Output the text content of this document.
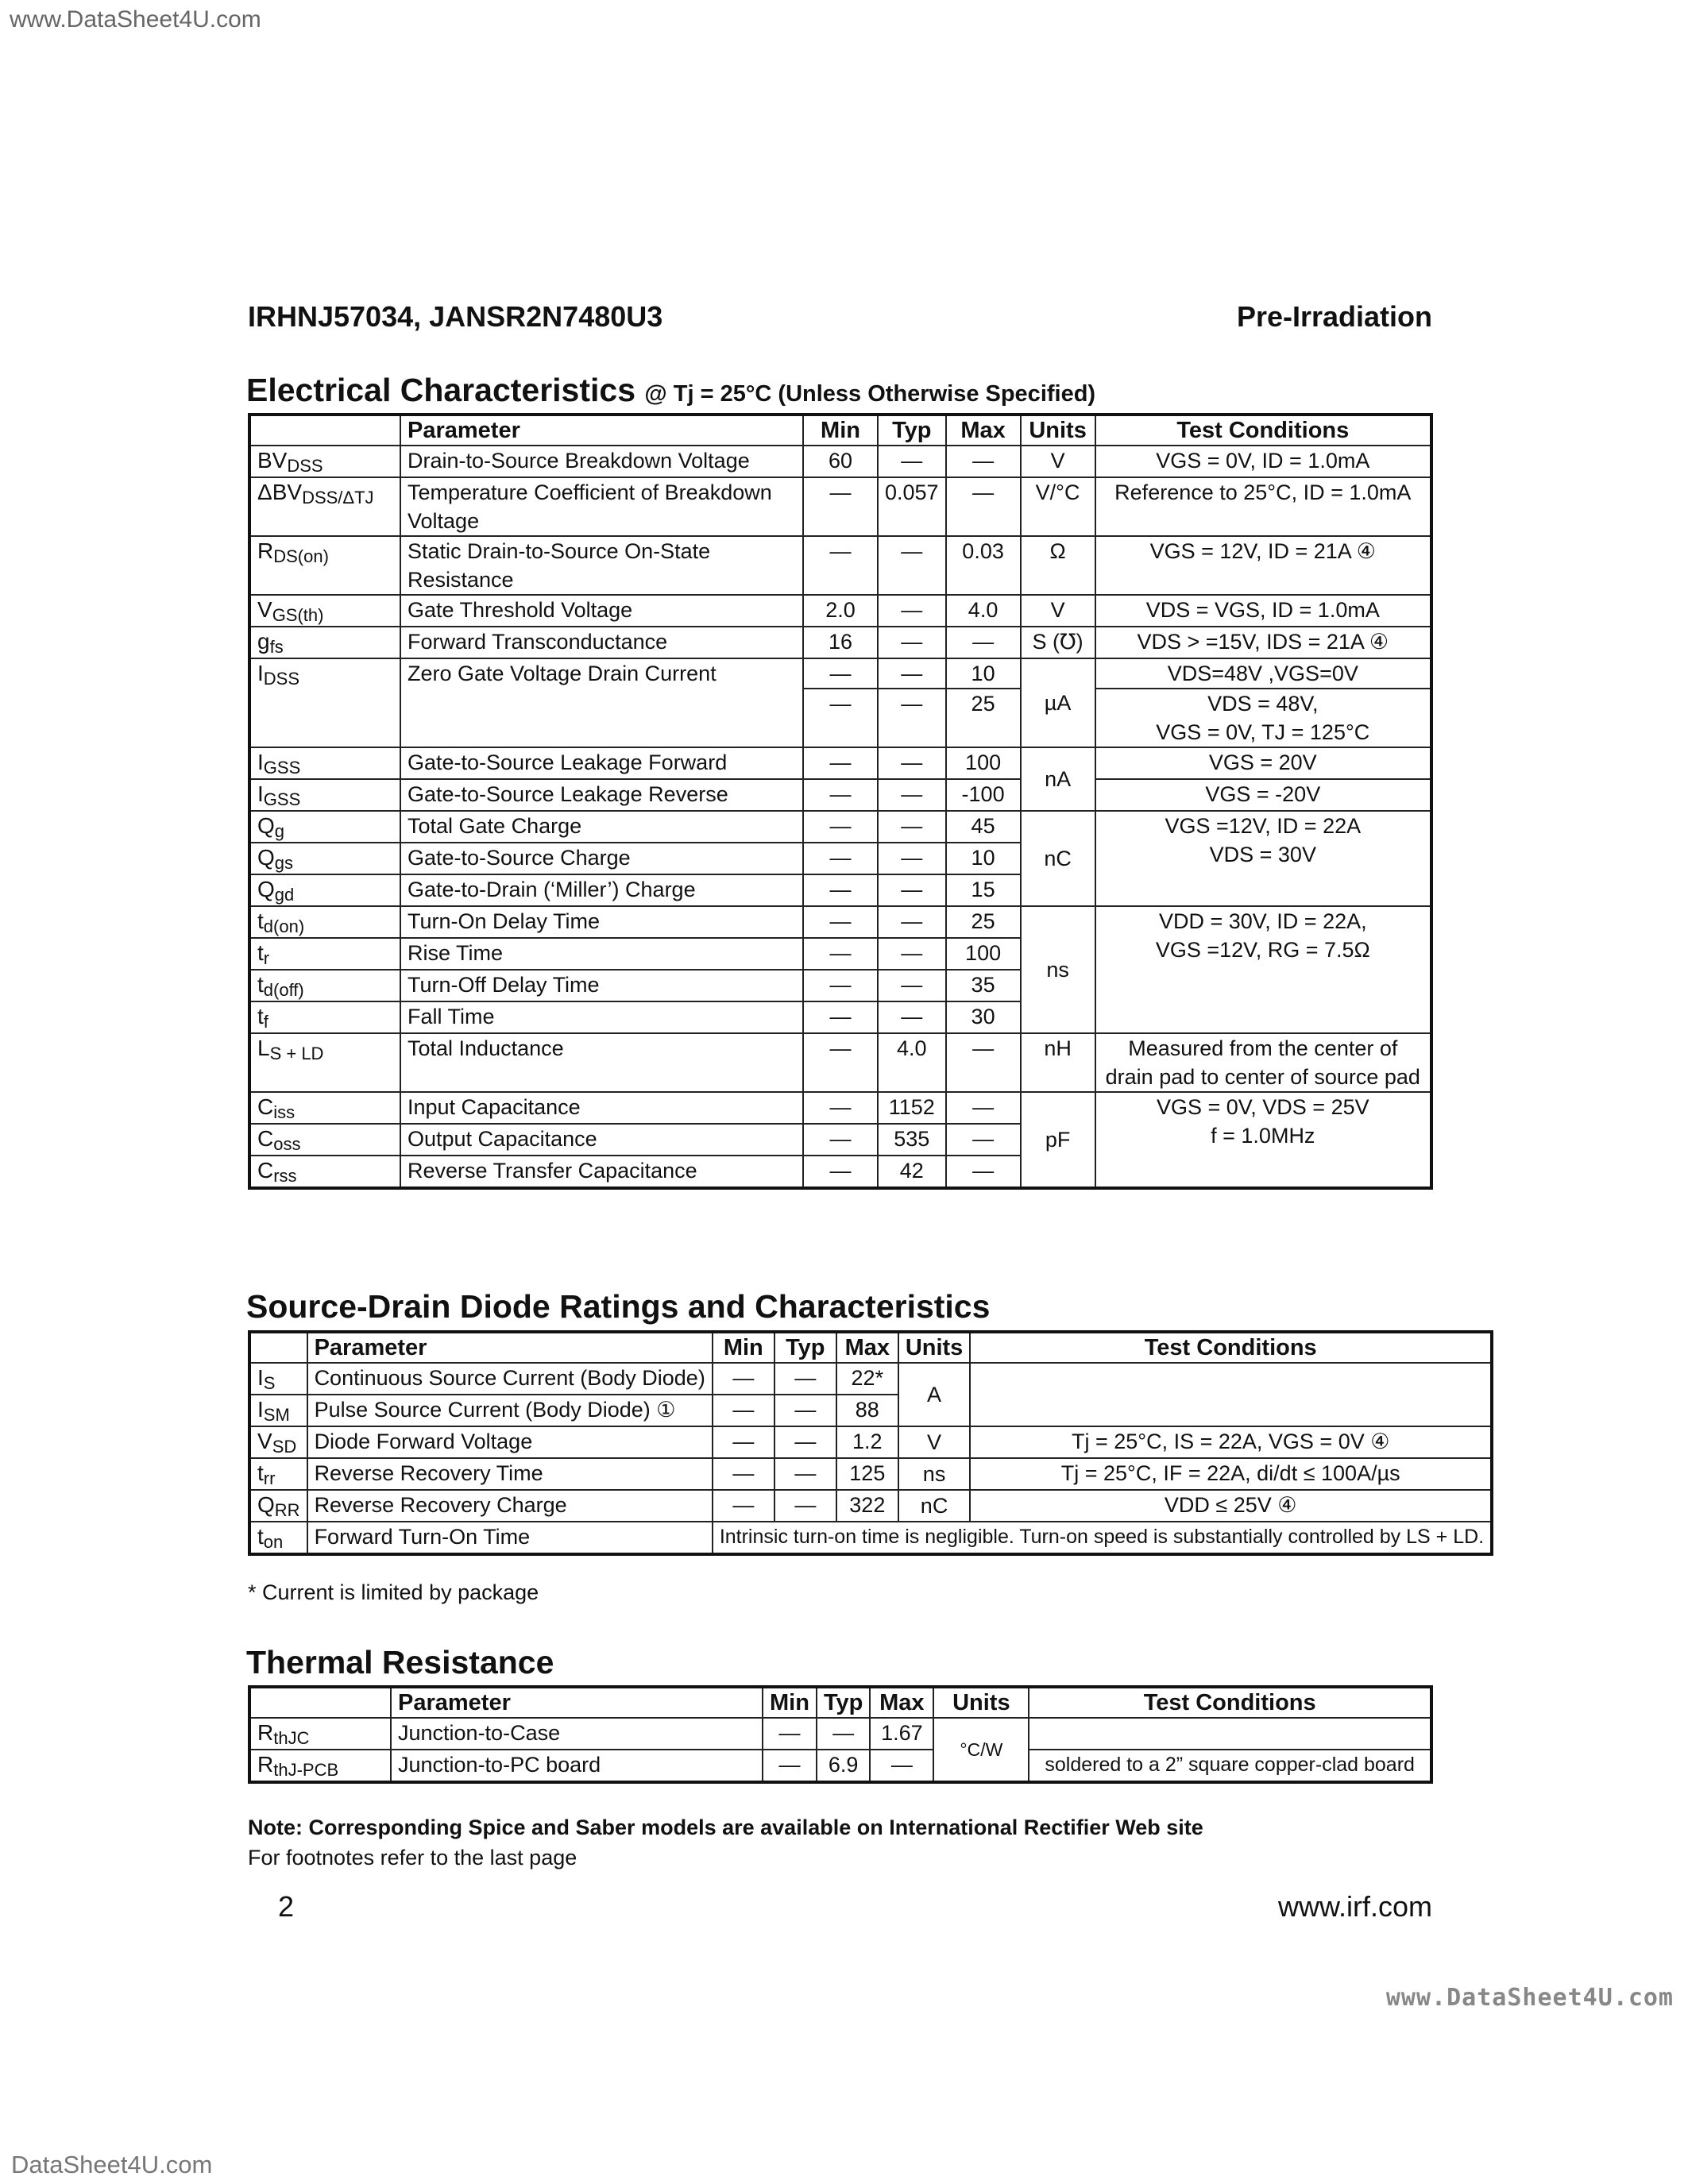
www.DataSheet4U.com
IRHNJ57034, JANSR2N7480U3	Pre-Irradiation
Electrical Characteristics @ Tj = 25°C (Unless Otherwise Specified)
	Parameter	Min	Typ	Max	Units	Test Conditions
BVDSS	Drain-to-Source Breakdown Voltage	60	—	—	V	VGS = 0V, ID = 1.0mA

ΔBVDSS/ΔTJ	Temperature Coefficient of Breakdown Voltage	—	0.057	—	V/°C	Reference to 25°C, ID = 1.0mA

RDS(on)	Static Drain-to-Source On-State Resistance	—	—	0.03	Ω	VGS = 12V, ID = 21A ④

VGS(th)	Gate Threshold Voltage	2.0	—	4.0	V	VDS = VGS, ID = 1.0mA

gfs	Forward Transconductance	16	—	—	S (℧)	VDS > =15V, IDS = 21A ④

IDSS	Zero Gate Voltage Drain Current	—	—	10	µA	VDS=48V ,VGS=0V

		—	—	25		VDS = 48V,
VGS = 0V, TJ = 125°C

IGSS	Gate-to-Source Leakage Forward	—	—	100	nA	VGS = 20V

IGSS	Gate-to-Source Leakage Reverse	—	—	-100		VGS = -20V

Qg	Total Gate Charge	—	—	45	nC	VGS =12V, ID = 22A
VDS = 30V

Qgs	Gate-to-Source Charge	—	—	10		
Qgd	Gate-to-Drain (‘Miller’) Charge	—	—	15		
td(on)	Turn-On Delay Time	—	—	25	ns	VDD = 30V, ID = 22A,
VGS =12V, RG = 7.5Ω

tr	Rise Time	—	—	100		
td(off)	Turn-Off Delay Time	—	—	35		
tf	Fall Time	—	—	30		
LS + LD	Total Inductance	—	4.0	—	nH	Measured from the center of
drain pad to center of source pad

Ciss	Input Capacitance	—	1152	—	pF	VGS = 0V, VDS = 25V
f = 1.0MHz

Coss	Output Capacitance	—	535	—		
Crss	Reverse Transfer Capacitance	—	42	—		
Source-Drain Diode Ratings and Characteristics
	Parameter	Min	Typ	Max	Units	Test Conditions
IS	Continuous Source Current (Body Diode)	—	—	22*	A	

ISM	Pulse Source Current (Body Diode) ①	—	—	88		
VSD	Diode Forward Voltage	—	—	1.2	V	Tj = 25°C, IS = 22A, VGS = 0V ④

trr	Reverse Recovery Time	—	—	125	ns	Tj = 25°C, IF = 22A, di/dt ≤ 100A/µs

QRR	Reverse Recovery Charge	—	—	322	nC	VDD ≤ 25V ④

ton	Forward Turn-On Time	Intrinsic turn-on time is negligible. Turn-on speed is substantially controlled by LS + LD.				
* Current is limited by package
Thermal Resistance
	Parameter	Min	Typ	Max	Units	Test Conditions
RthJC	Junction-to-Case	—	—	1.67	°C/W	

RthJ-PCB	Junction-to-PC board	—	6.9	—		soldered to a 2” square copper-clad board
Note: Corresponding Spice and Saber models are available on International Rectifier Web site
For footnotes refer to the last page
2	www.irf.com
www.DataSheet4U.com
DataSheet4U.com
